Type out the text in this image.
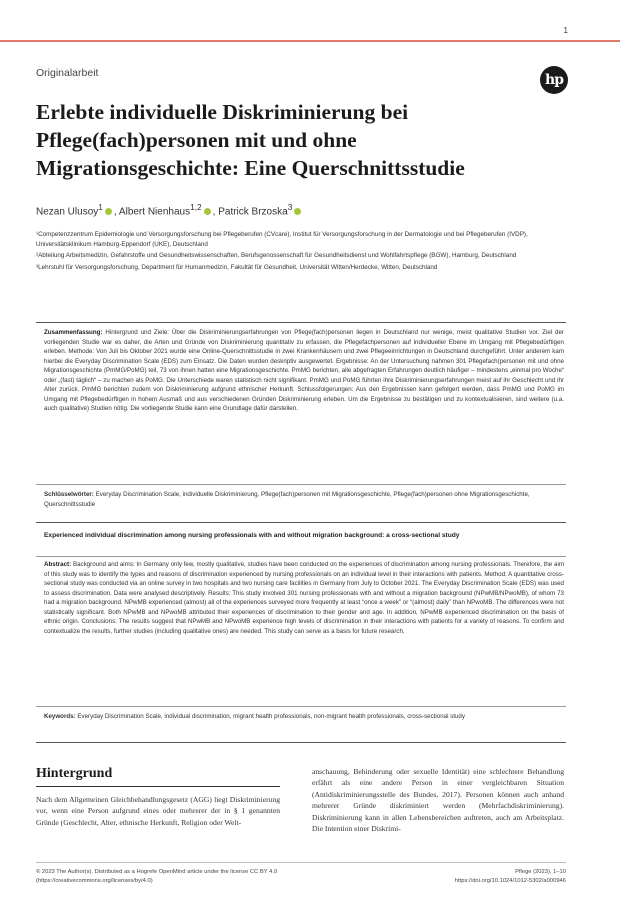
1
Originalarbeit	hp
Erlebte individuelle Diskriminierung bei Pflege(fach)personen mit und ohne Migrationsgeschichte: Eine Querschnittsstudie
Nezan Ulusoy$^1$ , Albert Nienhaus$^{1,2}$ , Patrick Brzoska$^3$

¹Competenzzentrum Epidemiologie und Versorgungsforschung bei Pflegeberufen (CVcare), Institut für Versorgungsforschung in der Dermatologie und bei Pflegeberufen (IVDP), Universitätsklinikum Hamburg-Eppendorf (UKE), Deutschland

²Abteilung Arbeitsmedizin, Gefahrstoffe und Gesundheitswissenschaften, Berufsgenossenschaft für Gesundheitsdienst und Wohlfahrtspflege (BGW), Hamburg, Deutschland

³Lehrstuhl für Versorgungsforschung, Department für Humanmedizin, Fakultät für Gesundheit, Universität Witten/Herdecke, Witten, Deutschland

Zusammenfassung: Hintergrund und Ziele: Über die Diskriminierungserfahrungen von Pflege(fach)personen liegen in Deutschland nur wenige, meist qualitative Studien vor. Ziel der vorliegenden Studie war es daher, die Arten und Gründe von Diskriminierung quantitativ zu erfassen, die Pflegefachpersonen auf individueller Ebene im Umgang mit Pflegebedürftigen erleben. Methode: Von Juli bis Oktober 2021 wurde eine Online-Querschnittsstudie in zwei Krankenhäusern und zwei Pflegeeinrichtungen in Deutschland durchgeführt. Unter anderem kam hierbei die Everyday Discrimination Scale (EDS) zum Einsatz. Die Daten wurden deskriptiv ausgewertet. Ergebnisse: An der Untersuchung nahmen 301 Pflegefach(personen mit und ohne Migrationsgeschichte (PmMG/PoMG) teil, 73 von ihnen hatten eine Migrationsgeschichte. PmMG berichten, alle abgefragten Erfahrungen deutlich häufiger – mindestens „einmal pro Woche“ oder „(fast) täglich“ – zu machen als PoMG. Die Unterschiede waren statistisch nicht signifikant. PmMG und PoMG führten ihre Diskriminierungserfahrungen meist auf ihr Geschlecht und ihr Alter zurück. PmMG berichten zudem von Diskriminierung aufgrund ethnischer Herkunft. Schlussfolgerungen: Aus den Ergebnissen kann gefolgert werden, dass PmMG und PoMG im Umgang mit Pflegebedürftigen in hohem Ausmaß und aus verschiedenen Gründen Diskriminierung erleben. Um die Ergebnisse zu bestätigen und zu kontextualisieren, sind weitere (u.a. auch qualitative) Studien nötig. Die vorliegende Studie kann eine Grundlage dafür darstellen.
Schlüsselwörter: Everyday Discrimination Scale, individuelle Diskriminierung, Pflege(fach)personen mit Migrationsgeschichte, Pflege(fach)personen ohne Migrationsgeschichte, Querschnittsstudie
Experienced individual discrimination among nursing professionals with and without migration background: a cross-sectional study
Abstract: Background and aims: In Germany only few, mostly qualitative, studies have been conducted on the experiences of discrimination among nursing professionals. Therefore, the aim of this study was to identify the types and reasons of discrimination experienced by nursing professionals on an individual level in their interactions with patients. Method: A quantitative cross-sectional study was conducted via an online survey in two hospitals and two nursing care facilities in Germany from July to October 2021. The Everyday Discrimination Scale (EDS) was used to assess discrimination. Data were analysed descriptively. Results: This study involved 301 nursing professionals with and without a migration background (NPwMB/NPwoMB), of whom 73 had a migration background. NPwMB experienced (almost) all of the experiences surveyed more frequently at least “once a week” or “(almost) daily” than NPwoMB. The differences were not statistically significant. Both NPwMB and NPwoMB attributed their experiences of discrimination to their gender and age. In addition, NPwMB experienced discrimination on the basis of ethnic origin. Conclusions: The results suggest that NPwMB and NPwoMB experience high levels of discrimination in their interactions with patients for a variety of reasons. To confirm and contextualize the results, further studies (including qualitative ones) are needed. This study can serve as a basis for future research.
Keywords: Everyday Discrimination Scale, individual discrimination, migrant health professionals, non-migrant health professionals, cross-sectional study
Hintergrund
Nach dem Allgemeinen Gleichbehandlungsgesetz (AGG) liegt Diskriminierung vor, wenn eine Person aufgrund eines oder mehrerer der in § 1 genannten Gründe (Geschlecht, Alter, ethnische Herkunft, Religion oder Welt-
anschauung, Behinderung oder sexuelle Identität) eine schlechtere Behandlung erfährt als eine andere Person in einer vergleichbaren Situation (Antidiskriminierungsstelle des Bundes, 2017). Personen können auch anhand mehrerer Gründe diskriminiert werden (Mehrfachdiskriminierung). Diskriminierung kann in allen Lebensbereichen auftreten, auch am Arbeitsplatz. Die Intention einer Diskrimi-
© 2023 The Author(s). Distributed as a Hogrefe OpenMind article under the license CC BY 4.0 (https://creativecommons.org/licenses/by/4.0)
Pflege (2023), 1–10
https://doi.org/10.1024/1012-5302/a000946
